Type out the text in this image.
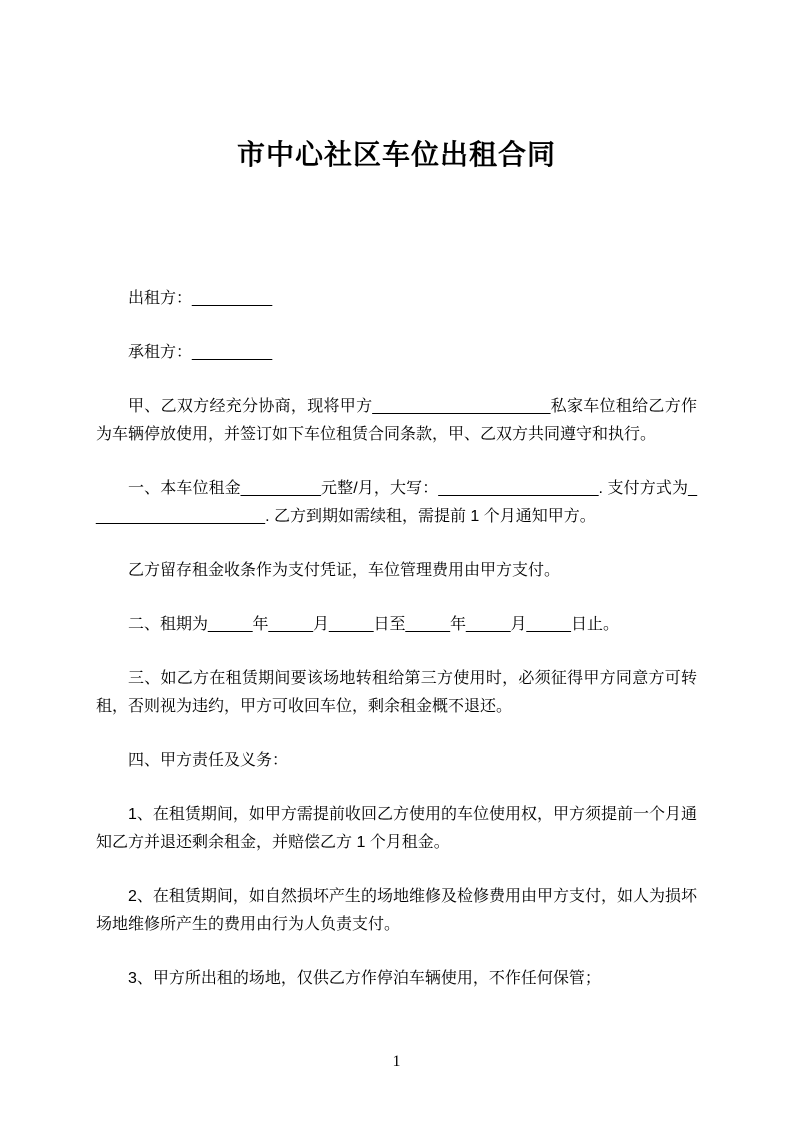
市中心社区车位出租合同

出租方：_________

承租方：_________

甲、乙双方经充分协商，现将甲方____________________私家车位租给乙方作为车辆停放使用，并签订如下车位租赁合同条款，甲、乙双方共同遵守和执行。

一、本车位租金_________元整/月，大写：__________________. 支付方式为____________________. 乙方到期如需续租，需提前 1 个月通知甲方。

乙方留存租金收条作为支付凭证，车位管理费用由甲方支付。

二、租期为_____年_____月_____日至_____年_____月_____日止。

三、如乙方在租赁期间要该场地转租给第三方使用时，必须征得甲方同意方可转租，否则视为违约，甲方可收回车位，剩余租金概不退还。

四、甲方责任及义务：

1、在租赁期间，如甲方需提前收回乙方使用的车位使用权，甲方须提前一个月通知乙方并退还剩余租金，并赔偿乙方 1 个月租金。

2、在租赁期间，如自然损坏产生的场地维修及检修费用由甲方支付，如人为损坏场地维修所产生的费用由行为人负责支付。

3、甲方所出租的场地，仅供乙方作停泊车辆使用，不作任何保管；

1
